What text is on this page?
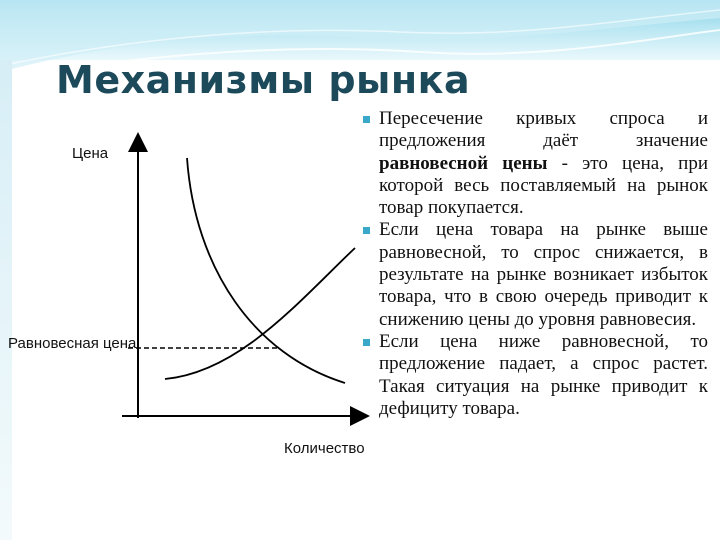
Механизмы рынка
Цена
Равновесная цена
Количество
Пересечение кривых спроса и предложения даёт значение равновесной цены - это цена, при которой весь поставляемый на рынок товар покупается.
Если цена товара на рынке выше равновесной, то спрос снижается, в результате на рынке возникает избыток товара, что в свою очередь приводит к снижению цены до уровня равновесия.
Если цена ниже равновесной, то предложение падает, а спрос растет. Такая ситуация на рынке приводит к дефициту товара.
